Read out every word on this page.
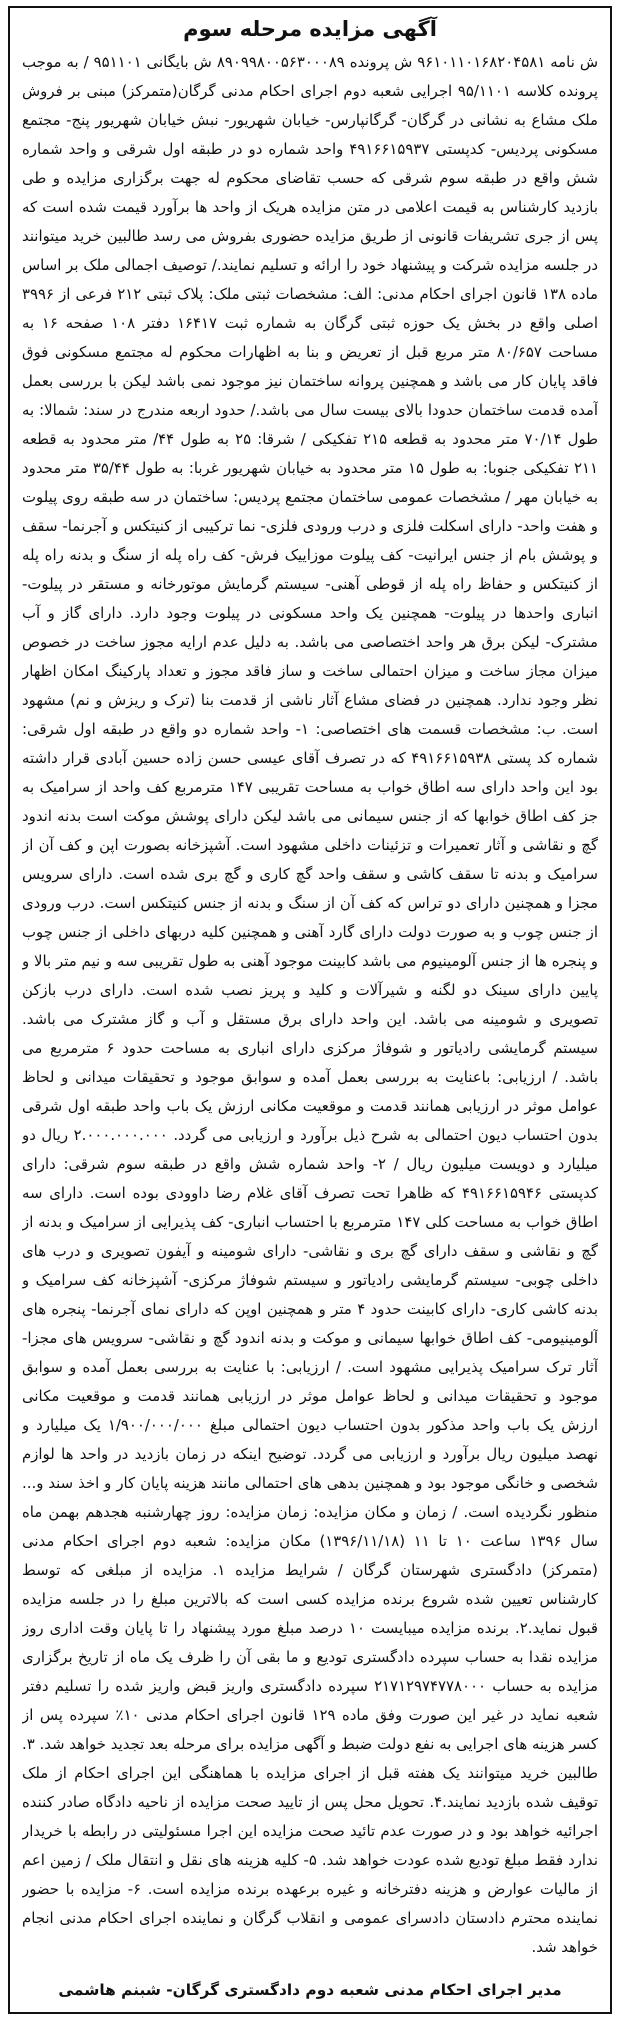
آگهی مزایده مرحله سوم

ش نامه ۹۶۱۰۱۱۰۱۶۸۲۰۴۵۸۱ ش پرونده ۸۹۰۹۹۸۰۰۵۶۳۰۰۰۸۹ ش بایگانی ۹۵۱۱۰۱ / به موجب پرونده کلاسه ۹۵/۱۱۰۱ اجرایی شعبه دوم اجرای احکام مدنی گرگان(متمرکز) مبنی بر فروش ملک مشاع به نشانی در گرگان- گرگانپارس- خیابان شهریور- نبش خیابان شهریور پنج- مجتمع مسکونی پردیس- کدپستی ۴۹۱۶۶۱۵۹۳۷ واحد شماره دو در طبقه اول شرقی و واحد شماره شش واقع در طبقه سوم شرقی که حسب تقاضای محکوم له جهت برگزاری مزایده و طی بازدید کارشناس به قیمت اعلامی در متن مزایده هریک از واحد ها برآورد قیمت شده است که پس از جری تشریفات قانونی از طریق مزایده حضوری بفروش می رسد طالبین خرید میتوانند در جلسه مزایده شرکت و پیشنهاد خود را ارائه و تسلیم نمایند./ توصیف اجمالی ملک بر اساس ماده ۱۳۸ قانون اجرای احکام مدنی: الف: مشخصات ثبتی ملک: پلاک ثبتی ۲۱۲ فرعی از ۳۹۹۶ اصلی واقع در بخش یک حوزه ثبتی گرگان به شماره ثبت ۱۶۴۱۷ دفتر ۱۰۸ صفحه ۱۶ به مساحت ۸۰/۶۵۷ متر مربع قبل از تعریض و بنا به اظهارات محکوم له مجتمع مسکونی فوق فاقد پایان کار می باشد و همچنین پروانه ساختمان نیز موجود نمی باشد لیکن با بررسی بعمل آمده قدمت ساختمان حدودا بالای بیست سال می باشد./ حدود اربعه مندرج در سند: شمالا: به طول ۷۰/۱۴ متر محدود به قطعه ۲۱۵ تفکیکی / شرقا: ۲۵ به طول ۴۴/ متر محدود به قطعه ۲۱۱ تفکیکی جنوبا: به طول ۱۵ متر محدود به خیابان شهریور غربا: به طول ۳۵/۴۴ متر محدود به خیابان مهر / مشخصات عمومی ساختمان مجتمع پردیس: ساختمان در سه طبقه روی پیلوت و هفت واحد- دارای اسکلت فلزی و درب ورودی فلزی- نما ترکیبی از کنیتکس و آجرنما- سقف و پوشش بام از جنس ایرانیت- کف پیلوت موزاییک فرش- کف راه پله از سنگ و بدنه راه پله از کنیتکس و حفاظ راه پله از قوطی آهنی- سیستم گرمایش موتورخانه و مستقر در پیلوت- انباری واحدها در پیلوت- همچنین یک واحد مسکونی در پیلوت وجود دارد. دارای گاز و آب مشترک- لیکن برق هر واحد اختصاصی می باشد. به دلیل عدم ارایه مجوز ساخت در خصوص میزان مجاز ساخت و میزان احتمالی ساخت و ساز فاقد مجوز و تعداد پارکینگ امکان اظهار نظر وجود ندارد. همچنین در فضای مشاع آثار ناشی از قدمت بنا (ترک و ریزش و نم) مشهود است. ب: مشخصات قسمت های اختصاصی: ۱- واحد شماره دو واقع در طبقه اول شرقی: شماره کد پستی ۴۹۱۶۶۱۵۹۳۸ که در تصرف آقای عیسی حسن زاده حسین آبادی قرار داشته بود این واحد دارای سه اطاق خواب به مساحت تقریبی ۱۴۷ مترمربع کف واحد از سرامیک به جز کف اطاق خوابها که از جنس سیمانی می باشد لیکن دارای پوشش موکت است بدنه اندود گچ و نقاشی و آثار تعمیرات و تزئینات داخلی مشهود است. آشپزخانه بصورت اپن و کف آن از سرامیک و بدنه تا سقف کاشی و سقف واحد گچ کاری و گچ بری شده است. دارای سرویس مجزا و همچنین دارای دو تراس که کف آن از سنگ و بدنه از جنس کنیتکس است. درب ورودی از جنس چوب و به صورت دولت دارای گارد آهنی و همچنین کلیه دربهای داخلی از جنس چوب و پنجره ها از جنس آلومینیوم می باشد کابینت موجود آهنی به طول تقریبی سه و نیم متر بالا و پایین دارای سینک دو لگنه و شیرآلات و کلید و پریز نصب شده است. دارای درب بازکن تصویری و شومینه می باشد. این واحد دارای برق مستقل و آب و گاز مشترک می باشد. سیستم گرمایشی رادیاتور و شوفاژ مرکزی دارای انباری به مساحت حدود ۶ مترمربع می باشد. / ارزیابی: باعنایت به بررسی بعمل آمده و سوابق موجود و تحقیقات میدانی و لحاظ عوامل موثر در ارزیابی همانند قدمت و موقعیت مکانی ارزش یک باب واحد طبقه اول شرقی بدون احتساب دیون احتمالی به شرح ذیل برآورد و ارزیابی می گردد. ۲.۰۰۰.۰۰۰.۰۰۰ ریال دو میلیارد و دویست میلیون ریال / ۲- واحد شماره شش واقع در طبقه سوم شرقی: دارای کدپستی ۴۹۱۶۶۱۵۹۴۶ که ظاهرا تحت تصرف آقای غلام رضا داوودی بوده است. دارای سه اطاق خواب به مساحت کلی ۱۴۷ مترمربع با احتساب انباری- کف پذیرایی از سرامیک و بدنه از گچ و نقاشی و سقف دارای گچ بری و نقاشی- دارای شومینه و آیفون تصویری و درب های داخلی چوبی- سیستم گرمایشی رادیاتور و سیستم شوفاژ مرکزی- آشپزخانه کف سرامیک و بدنه کاشی کاری- دارای کابینت حدود ۴ متر و همچنین اوپن که دارای نمای آجرنما- پنجره های آلومینیومی- کف اطاق خوابها سیمانی و موکت و بدنه اندود گچ و نقاشی- سرویس های مجزا- آثار ترک سرامیک پذیرایی مشهود است. / ارزیابی: با عنایت به بررسی بعمل آمده و سوابق موجود و تحقیقات میدانی و لحاظ عوامل موثر در ارزیابی همانند قدمت و موقعیت مکانی ارزش یک باب واحد مذکور بدون احتساب دیون احتمالی مبلغ ۱/۹۰۰/۰۰۰/۰۰۰ یک میلیارد و نهصد میلیون ریال برآورد و ارزیابی می گردد. توضیح اینکه در زمان بازدید در واحد ها لوازم شخصی و خانگی موجود بود و همچنین بدهی های احتمالی مانند هزینه پایان کار و اخذ سند و... منظور نگردیده است. / زمان و مکان مزایده: زمان مزایده: روز چهارشنبه هجدهم بهمن ماه سال ۱۳۹۶ ساعت ۱۰ تا ۱۱ (۱۳۹۶/۱۱/۱۸) مکان مزایده: شعبه دوم اجرای احکام مدنی (متمرکز) دادگستری شهرستان گرگان / شرایط مزایده ۱. مزایده از مبلغی که توسط کارشناس تعیین شده شروع برنده مزایده کسی است که بالاترین مبلغ را در جلسه مزایده قبول نماید.۲. برنده مزایده میبایست ۱۰ درصد مبلغ مورد پیشنهاد را تا پایان وقت اداری روز مزایده نقدا به حساب سپرده دادگستری تودیع و ما بقی آن را ظرف یک ماه از تاریخ برگزاری مزایده به حساب ۲۱۷۱۲۹۷۴۷۷۸۰۰۰ سپرده دادگستری واریز قبض واریز شده را تسلیم دفتر شعبه نماید در غیر این صورت وفق ماده ۱۲۹ قانون اجرای احکام مدنی ۱۰٪ سپرده پس از کسر هزینه های اجرایی به نفع دولت ضبط و آگهی مزایده برای مرحله بعد تجدید خواهد شد. ۳. طالبین خرید میتوانند یک هفته قبل از اجرای مزایده با هماهنگی این اجرای احکام از ملک توقیف شده بازدید نمایند.۴. تحویل محل پس از تایید صحت مزایده از ناحیه دادگاه صادر کننده اجرائیه خواهد بود و در صورت عدم تائید صحت مزایده این اجرا مسئولیتی در رابطه با خریدار ندارد فقط مبلغ تودیع شده عودت خواهد شد. ۵- کلیه هزینه های نقل و انتقال ملک / زمین اعم از مالیات عوارض و هزینه دفترخانه و غیره برعهده برنده مزایده است. ۶- مزایده با حضور نماینده محترم دادستان دادسرای عمومی و انقلاب گرگان و نماینده اجرای احکام مدنی انجام خواهد شد.

مدیر اجرای احکام مدنی شعبه دوم دادگستری گرگان- شبنم هاشمی
